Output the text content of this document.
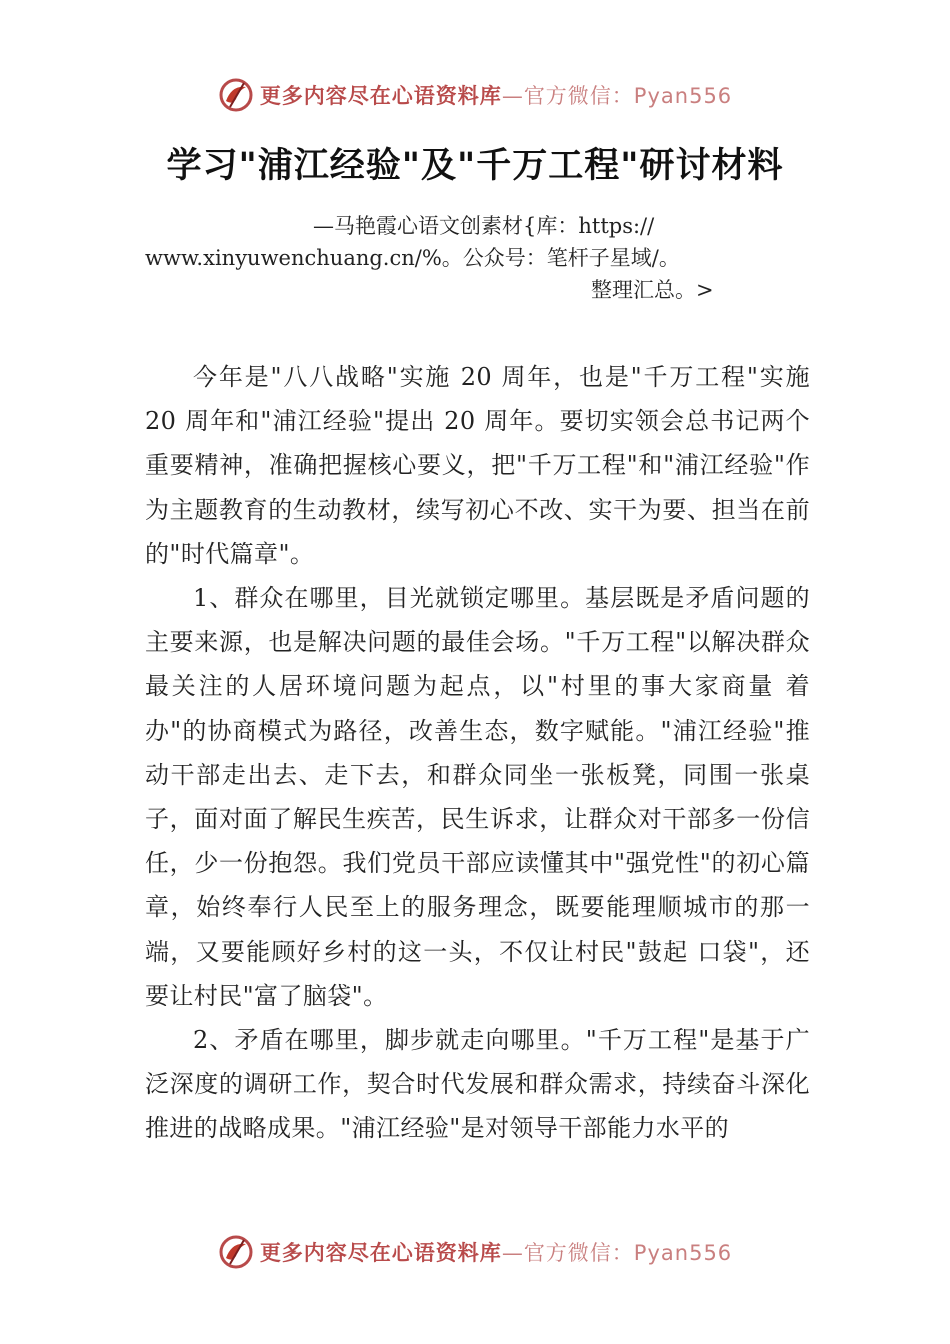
更多内容尽在心语资料库—官方微信：Pyan556
学习"浦江经验"及"千万工程"研讨材料
—马艳霞心语文创素材{库：https://
www.xinyuwenchuang.cn/%。公众号：笔杆子星域/。
整理汇总。>

今年是"八八战略"实施 20 周年，也是"千万工程"实施 20 周年和"浦江经验"提出 20 周年。要切实领会总书记两个重要精神，准确把握核心要义，把"千万工程"和"浦江经验"作为主题教育的生动教材，续写初心不改、实干为要、担当在前的"时代篇章"。

1、群众在哪里，目光就锁定哪里。基层既是矛盾问题的主要来源，也是解决问题的最佳会场。"千万工程"以解决群众最关注的人居环境问题为起点，以"村里的事大家商量 着办"的协商模式为路径，改善生态，数字赋能。"浦江经验"推动干部走出去、走下去，和群众同坐一张板凳，同围一张桌子，面对面了解民生疾苦，民生诉求，让群众对干部多一份信任，少一份抱怨。我们党员干部应读懂其中"强党性"的初心篇章，始终奉行人民至上的服务理念，既要能理顺城市的那一端，又要能顾好乡村的这一头，不仅让村民"鼓起 口袋"，还要让村民"富了脑袋"。

2、矛盾在哪里，脚步就走向哪里。"千万工程"是基于广泛深度的调研工作，契合时代发展和群众需求，持续奋斗深化推进的战略成果。"浦江经验"是对领导干部能力水平的

更多内容尽在心语资料库—官方微信：Pyan556
